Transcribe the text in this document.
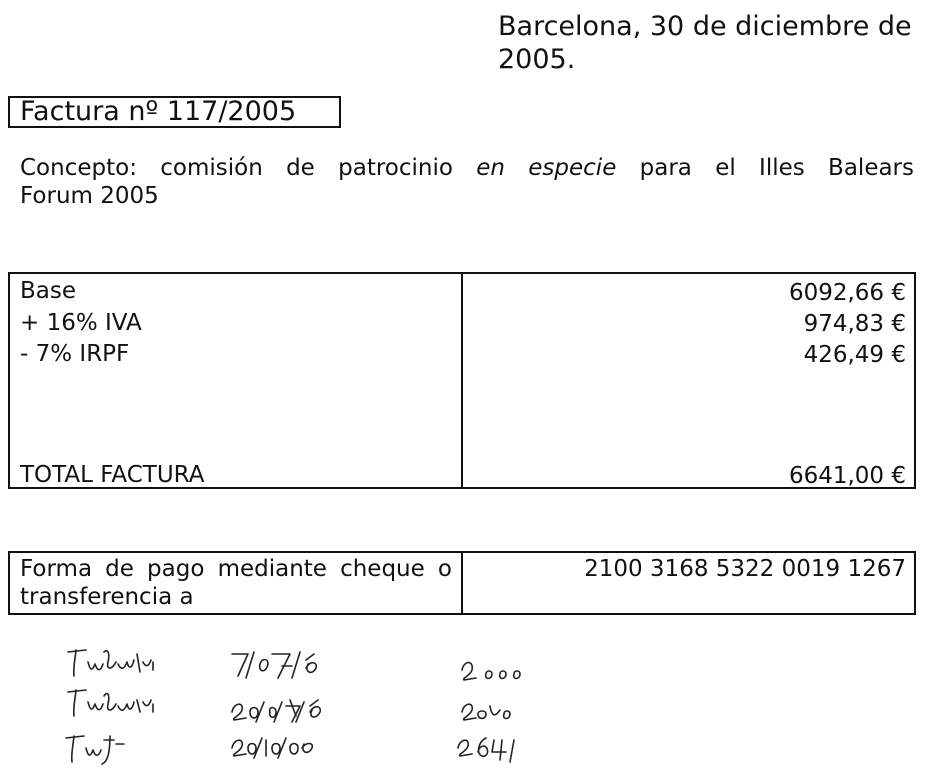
Barcelona, 30 de diciembre de
2005.
Factura nº 117/2005
Concepto: comisión de patrocinio en especie para el Illes Balears
Forum 2005
Base	6092,66 €
+ 16% IVA	974,83 €
- 7% IRPF	426,49 €
TOTAL FACTURA	6641,00 €
Forma de pago mediante cheque o transferencia a
2100 3168 5322 0019 1267
